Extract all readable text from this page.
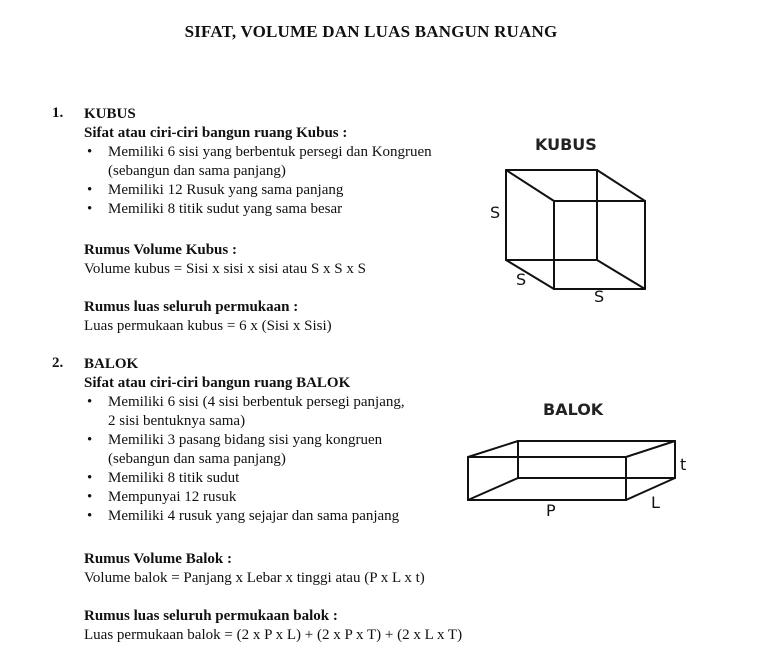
SIFAT, VOLUME DAN LUAS BANGUN RUANG
1. KUBUS
Sifat atau ciri-ciri bangun ruang Kubus :
• Memiliki 6 sisi yang berbentuk persegi dan Kongruen
(sebangun dan sama panjang)
• Memiliki 12 Rusuk yang sama panjang
• Memiliki 8 titik sudut yang sama besar
Rumus Volume Kubus :
Volume kubus = Sisi x sisi x sisi atau S x S x S
Rumus luas seluruh permukaan :
Luas permukaan kubus = 6 x (Sisi x Sisi)
KUBUS
S
S
S
t
P	L
2. BALOK
Sifat atau ciri-ciri bangun ruang BALOK
• Memiliki 6 sisi (4 sisi berbentuk persegi panjang,
2 sisi bentuknya sama)
• Memiliki 3 pasang bidang sisi yang kongruen
(sebangun dan sama panjang)
• Memiliki 8 titik sudut
• Mempunyai 12 rusuk
• Memiliki 4 rusuk yang sejajar dan sama panjang
Rumus Volume Balok :
Volume balok = Panjang x Lebar x tinggi atau (P x L x t)
Rumus luas seluruh permukaan balok :
Luas permukaan balok = (2 x P x L) + (2 x P x T) + (2 x L x T)
BALOK
